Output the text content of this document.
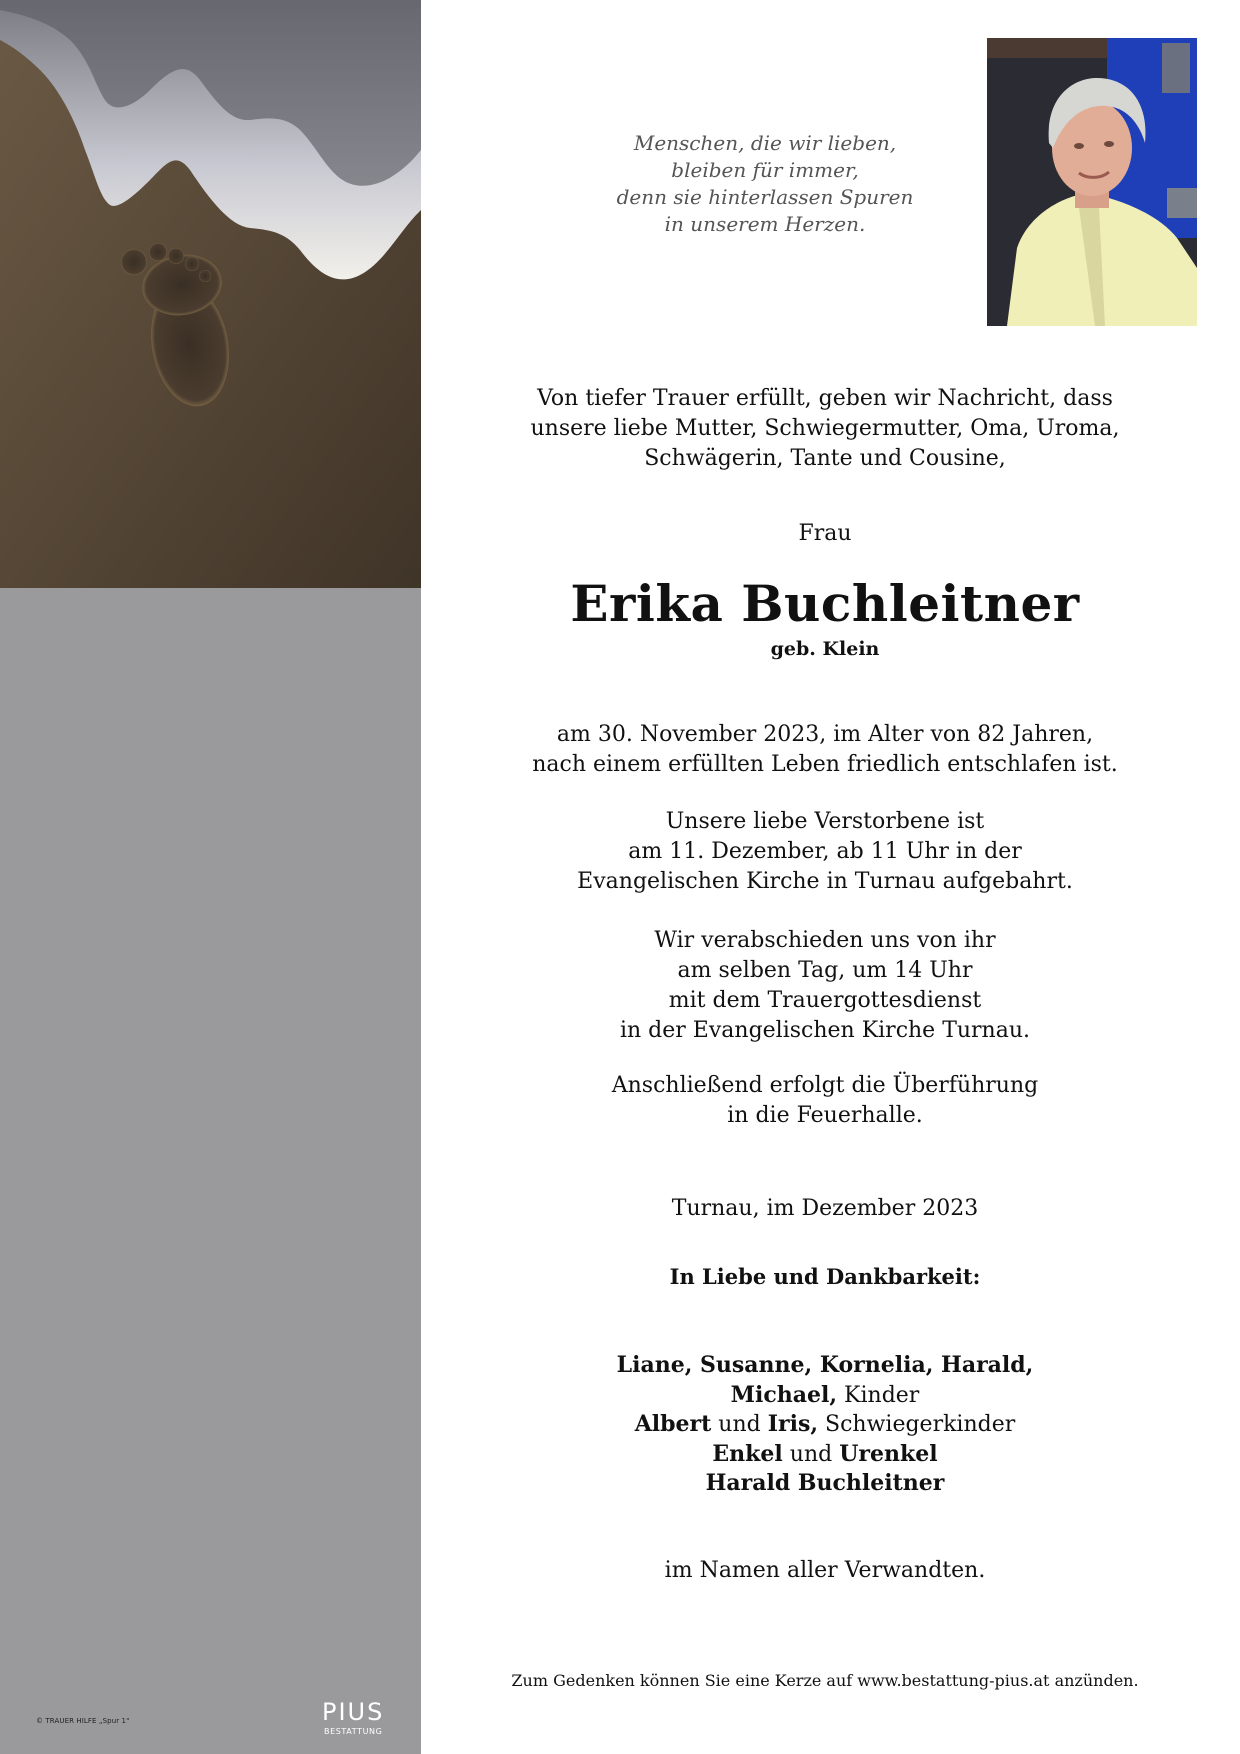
© TRAUER HILFE „Spur 1“	PIUS
BESTATTUNG
Menschen, die wir lieben,
bleiben für immer,
denn sie hinterlassen Spuren
in unserem Herzen.
Von tiefer Trauer erfüllt, geben wir Nachricht, dass
unsere liebe Mutter, Schwiegermutter, Oma, Uroma,
Schwägerin, Tante und Cousine,
Frau
Erika Buchleitner
geb. Klein
am 30. November 2023, im Alter von 82 Jahren,
nach einem erfüllten Leben friedlich entschlafen ist.
Unsere liebe Verstorbene ist
am 11. Dezember, ab 11 Uhr in der
Evangelischen Kirche in Turnau aufgebahrt.
Wir verabschieden uns von ihr
am selben Tag, um 14 Uhr
mit dem Trauergottesdienst
in der Evangelischen Kirche Turnau.
Anschließend erfolgt die Überführung
in die Feuerhalle.
Turnau, im Dezember 2023
In Liebe und Dankbarkeit:
Liane, Susanne, Kornelia, Harald,
Michael, Kinder
Albert und Iris, Schwiegerkinder
Enkel und Urenkel
Harald Buchleitner
im Namen aller Verwandten.
Zum Gedenken können Sie eine Kerze auf www.bestattung-pius.at anzünden.
